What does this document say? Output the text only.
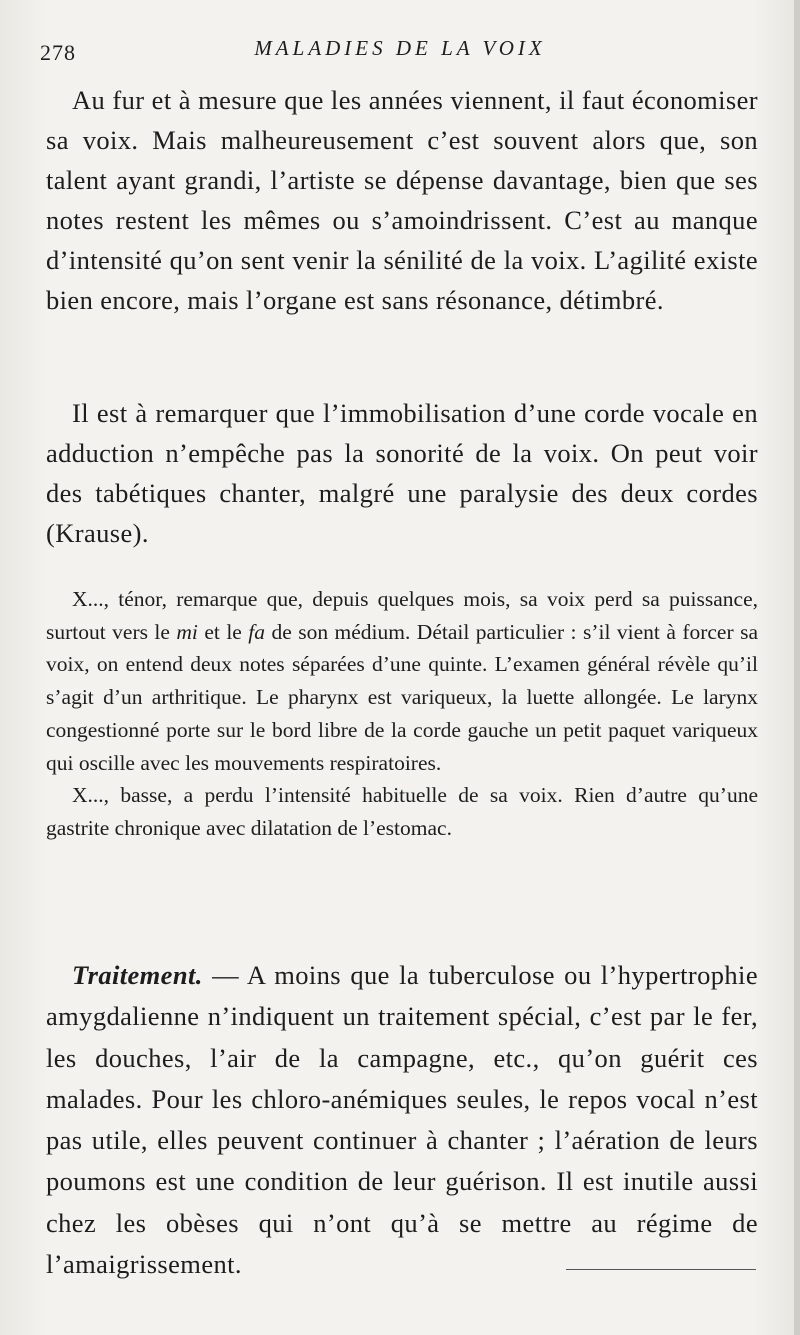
278	MALADIES DE LA VOIX

Au fur et à mesure que les années viennent, il faut économiser sa voix. Mais malheureusement c’est souvent alors que, son talent ayant grandi, l’artiste se dépense davantage, bien que ses notes restent les mêmes ou s’amoindrissent. C’est au manque d’intensité qu’on sent venir la sénilité de la voix. L’agilité existe bien encore, mais l’organe est sans résonance, détimbré.

Il est à remarquer que l’immobilisation d’une corde vocale en adduction n’empêche pas la sonorité de la voix. On peut voir des tabétiques chanter, malgré une paralysie des deux cordes (Krause).

X..., ténor, remarque que, depuis quelques mois, sa voix perd sa puissance, surtout vers le mi et le fa de son médium. Détail particulier : s’il vient à forcer sa voix, on entend deux notes séparées d’une quinte. L’examen général révèle qu’il s’agit d’un arthritique. Le pharynx est variqueux, la luette allongée. Le larynx congestionné porte sur le bord libre de la corde gauche un petit paquet variqueux qui oscille avec les mouvements respiratoires.

X..., basse, a perdu l’intensité habituelle de sa voix. Rien d’autre qu’une gastrite chronique avec dilatation de l’estomac.

Traitement. — A moins que la tuberculose ou l’hypertrophie amygdalienne n’indiquent un traitement spécial, c’est par le fer, les douches, l’air de la campagne, etc., qu’on guérit ces malades. Pour les chloro-anémiques seules, le repos vocal n’est pas utile, elles peuvent continuer à chanter ; l’aération de leurs poumons est une condition de leur guérison. Il est inutile aussi chez les obèses qui n’ont qu’à se mettre au régime de l’amaigrissement.
